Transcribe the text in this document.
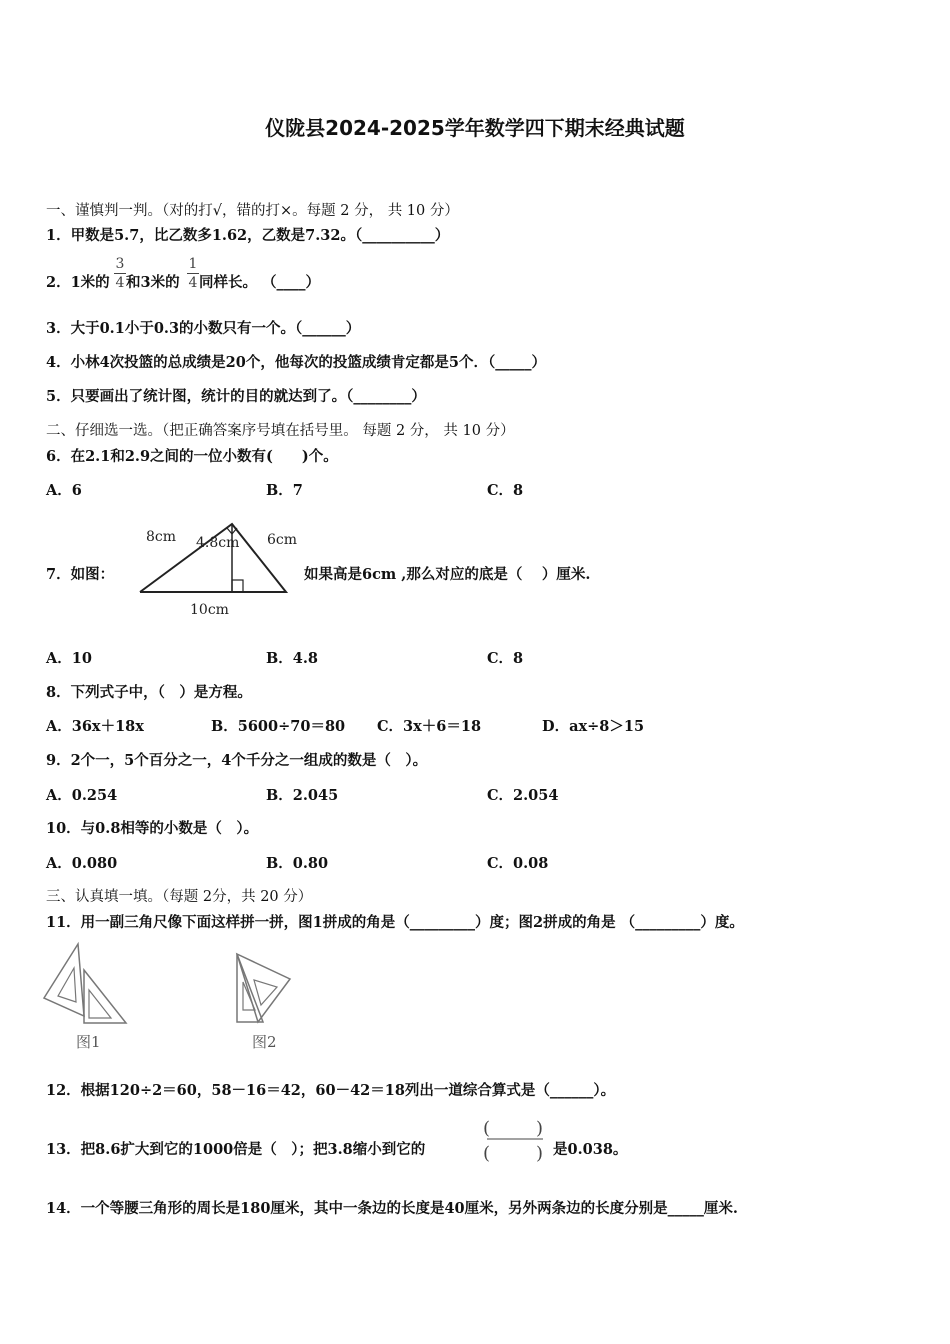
仪陇县2024-2025学年数学四下期末经典试题
一、谨慎判一判。（对的打√，错的打×。每题 2 分， 共 10 分）
1．甲数是5.7，比乙数多1.62，乙数是7.32。（__________）
2．1米的
3
4 和3米的
1
4 同样长。 （____）
3．大于0.1小于0.3的小数只有一个。（______）
4．小林4次投篮的总成绩是20个，他每次的投篮成绩肯定都是5个．（_____）
5．只要画出了统计图，统计的目的就达到了。（________）
二、仔细选一选。（把正确答案序号填在括号里。 每题 2 分， 共 10 分）
6．在2.1和2.9之间的一位小数有(　　)个。
A．6	B．7	C．8
7．如图：
8cm 4.8cm 6cm
10cm
如果高是6cm ,那么对应的底是（　 ）厘米.
A．10	B．4.8	C．8
8．下列式子中，（　）是方程。
A．36x＋18x	B．5600÷70＝80 C．3x＋6＝18	D．ax÷8＞15
9．2个一，5个百分之一，4个千分之一组成的数是（　）。
A．0.254	B．2.045	C．2.054
10．与0.8相等的小数是（　）。
A．0.080	B．0.80	C．0.08
三、认真填一填。（每题 2分，共 20 分）
11．用一副三角尺像下面这样拼一拼，图1拼成的角是（_________）度；图2拼成的角是 （_________）度。
图1	图2
12．根据120÷2＝60，58－16＝42，60－42＝18列出一道综合算式是（______）。
13．把8.6扩大到它的1000倍是（　）；把3.8缩小到它的
(	)
(	) 是0.038。
14．一个等腰三角形的周长是180厘米，其中一条边的长度是40厘米，另外两条边的长度分别是_____厘米.
